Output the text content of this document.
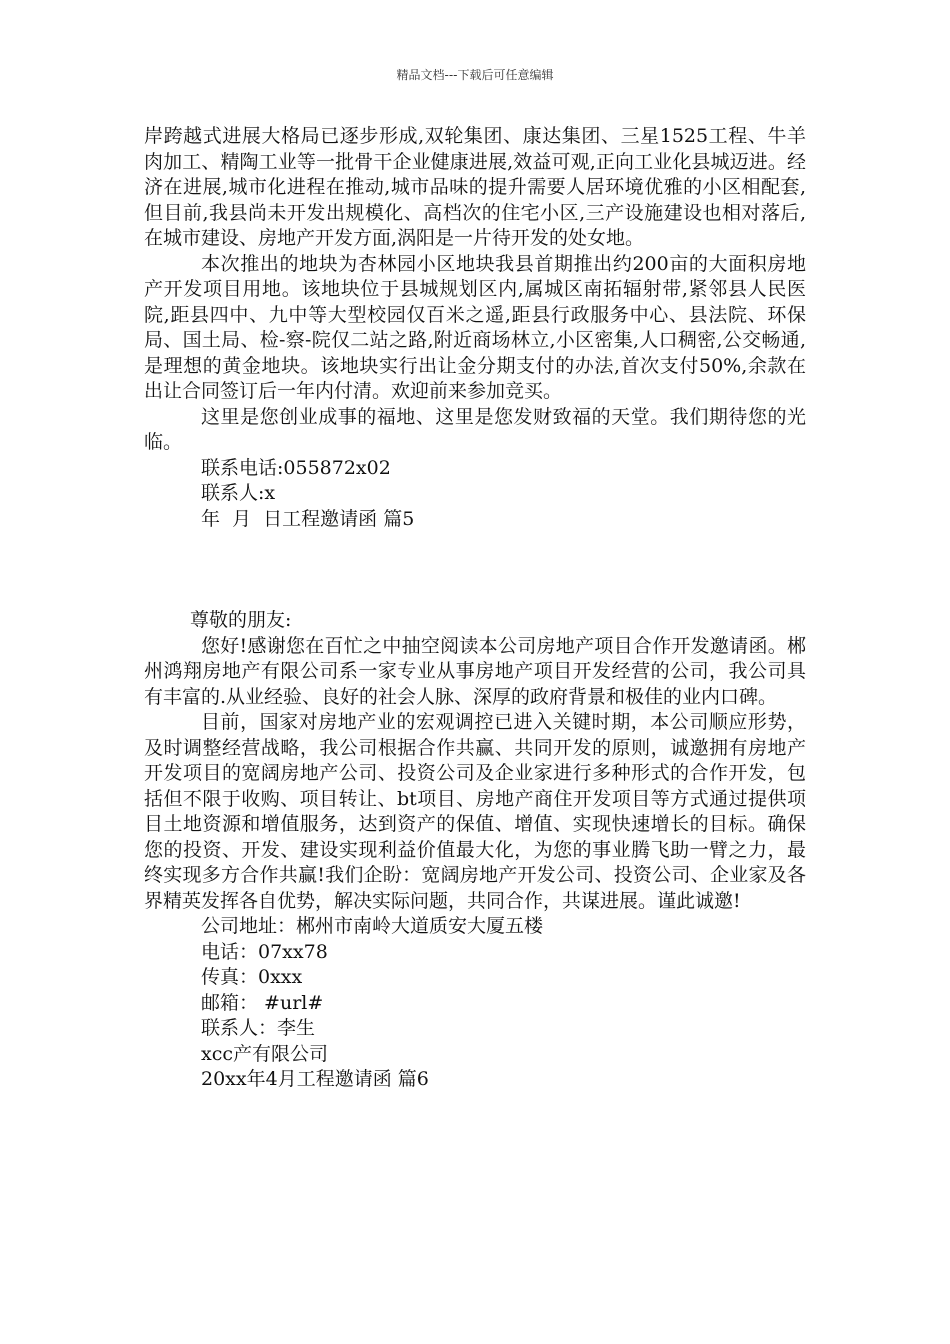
精品文档---下载后可任意编辑

岸跨越式进展大格局已逐步形成,双轮集团、康达集团、三星1525工程、牛羊肉加工、精陶工业等一批骨干企业健康进展,效益可观,正向工业化县城迈进。经济在进展,城市化进程在推动,城市品味的提升需要人居环境优雅的小区相配套,但目前,我县尚未开发出规模化、高档次的住宅小区,三产设施建设也相对落后,在城市建设、房地产开发方面,涡阳是一片待开发的处女地。

本次推出的地块为杏林园小区地块我县首期推出约200亩的大面积房地产开发项目用地。该地块位于县城规划区内,属城区南拓辐射带,紧邻县人民医院,距县四中、九中等大型校园仅百米之遥,距县行政服务中心、县法院、环保局、国土局、检-察-院仅二站之路,附近商场林立,小区密集,人口稠密,公交畅通,是理想的黄金地块。该地块实行出让金分期支付的办法,首次支付50%,余款在出让合同签订后一年内付清。欢迎前来参加竞买。

这里是您创业成事的福地、这里是您发财致福的天堂。我们期待您的光临。

联系电话:055872x02

联系人:x

年  月  日工程邀请函 篇5

尊敬的朋友:

您好!感谢您在百忙之中抽空阅读本公司房地产项目合作开发邀请函。郴州鸿翔房地产有限公司系一家专业从事房地产项目开发经营的公司，我公司具有丰富的.从业经验、良好的社会人脉、深厚的政府背景和极佳的业内口碑。

目前，国家对房地产业的宏观调控已进入关键时期，本公司顺应形势，及时调整经营战略，我公司根据合作共赢、共同开发的原则，诚邀拥有房地产开发项目的宽阔房地产公司、投资公司及企业家进行多种形式的合作开发，包括但不限于收购、项目转让、bt项目、房地产商住开发项目等方式通过提供项目土地资源和增值服务，达到资产的保值、增值、实现快速增长的目标。确保您的投资、开发、建设实现利益价值最大化，为您的事业腾飞助一臂之力，最终实现多方合作共赢!我们企盼：宽阔房地产开发公司、投资公司、企业家及各界精英发挥各自优势，解决实际问题，共同合作，共谋进展。谨此诚邀!

公司地址：郴州市南岭大道质安大厦五楼

电话：07xx78

传真：0xxx

邮箱： #url#

联系人：李生

xcc产有限公司

20xx年4月工程邀请函 篇6
